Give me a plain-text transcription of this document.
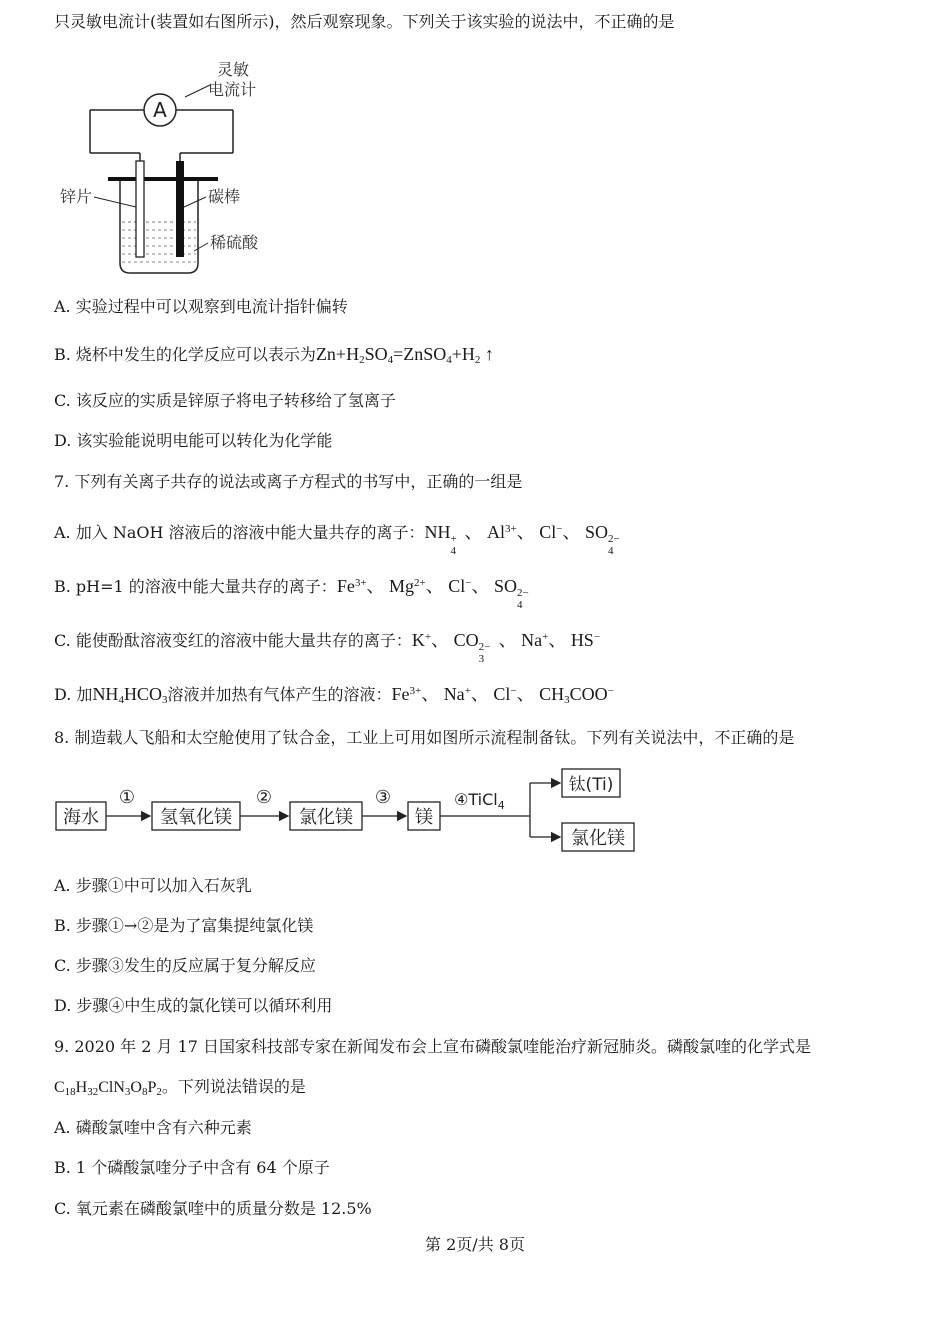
只灵敏电流计(装置如右图所示)，然后观察现象。下列关于该实验的说法中，不正确的是
A
灵敏
电流计
锌片	碳棒
稀硫酸
A. 实验过程中可以观察到电流计指针偏转
B. 烧杯中发生的化学反应可以表示为Zn+H2SO4=ZnSO4+H2 ↑
C. 该反应的实质是锌原子将电子转移给了氢离子
D. 该实验能说明电能可以转化为化学能
7. 下列有关离子共存的说法或离子方程式的书写中，正确的一组是
A. 加入 NaOH 溶液后的溶液中能大量共存的离子：NH +
4
、 $Al^{3+}$、 Cl−、 SO 2−
4
B. pH=1 的溶液中能大量共存的离子：$Fe^{3+}$、 $Mg^{2+}$、 Cl−、 SO 2−
4
C. 能使酚酞溶液变红的溶液中能大量共存的离子：K+、 CO 2−
3
、 Na+、 HS−
D. 加NH4HCO3溶液并加热有气体产生的溶液：$Fe^{3+}$、 Na+、 Cl−、 CH3COO−
8. 制造载人飞船和太空舱使用了钛合金，工业上可用如图所示流程制备钛。下列有关说法中，不正确的是
海水	氢氧化镁	氯化镁	镁
钛(Ti)
氯化镁
①	②	③	④TiCl$_4$
A. 步骤①中可以加入石灰乳
B. 步骤①→②是为了富集提纯氯化镁
C. 步骤③发生的反应属于复分解反应
D. 步骤④中生成的氯化镁可以循环利用
9. 2020 年 2 月 17 日国家科技部专家在新闻发布会上宣布磷酸氯喹能治疗新冠肺炎。磷酸氯喹的化学式是
C18H32ClN3O8P2。下列说法错误的是
A. 磷酸氯喹中含有六种元素
B. 1 个磷酸氯喹分子中含有 64 个原子
C. 氧元素在磷酸氯喹中的质量分数是 12.5%
第 2页/共 8页
